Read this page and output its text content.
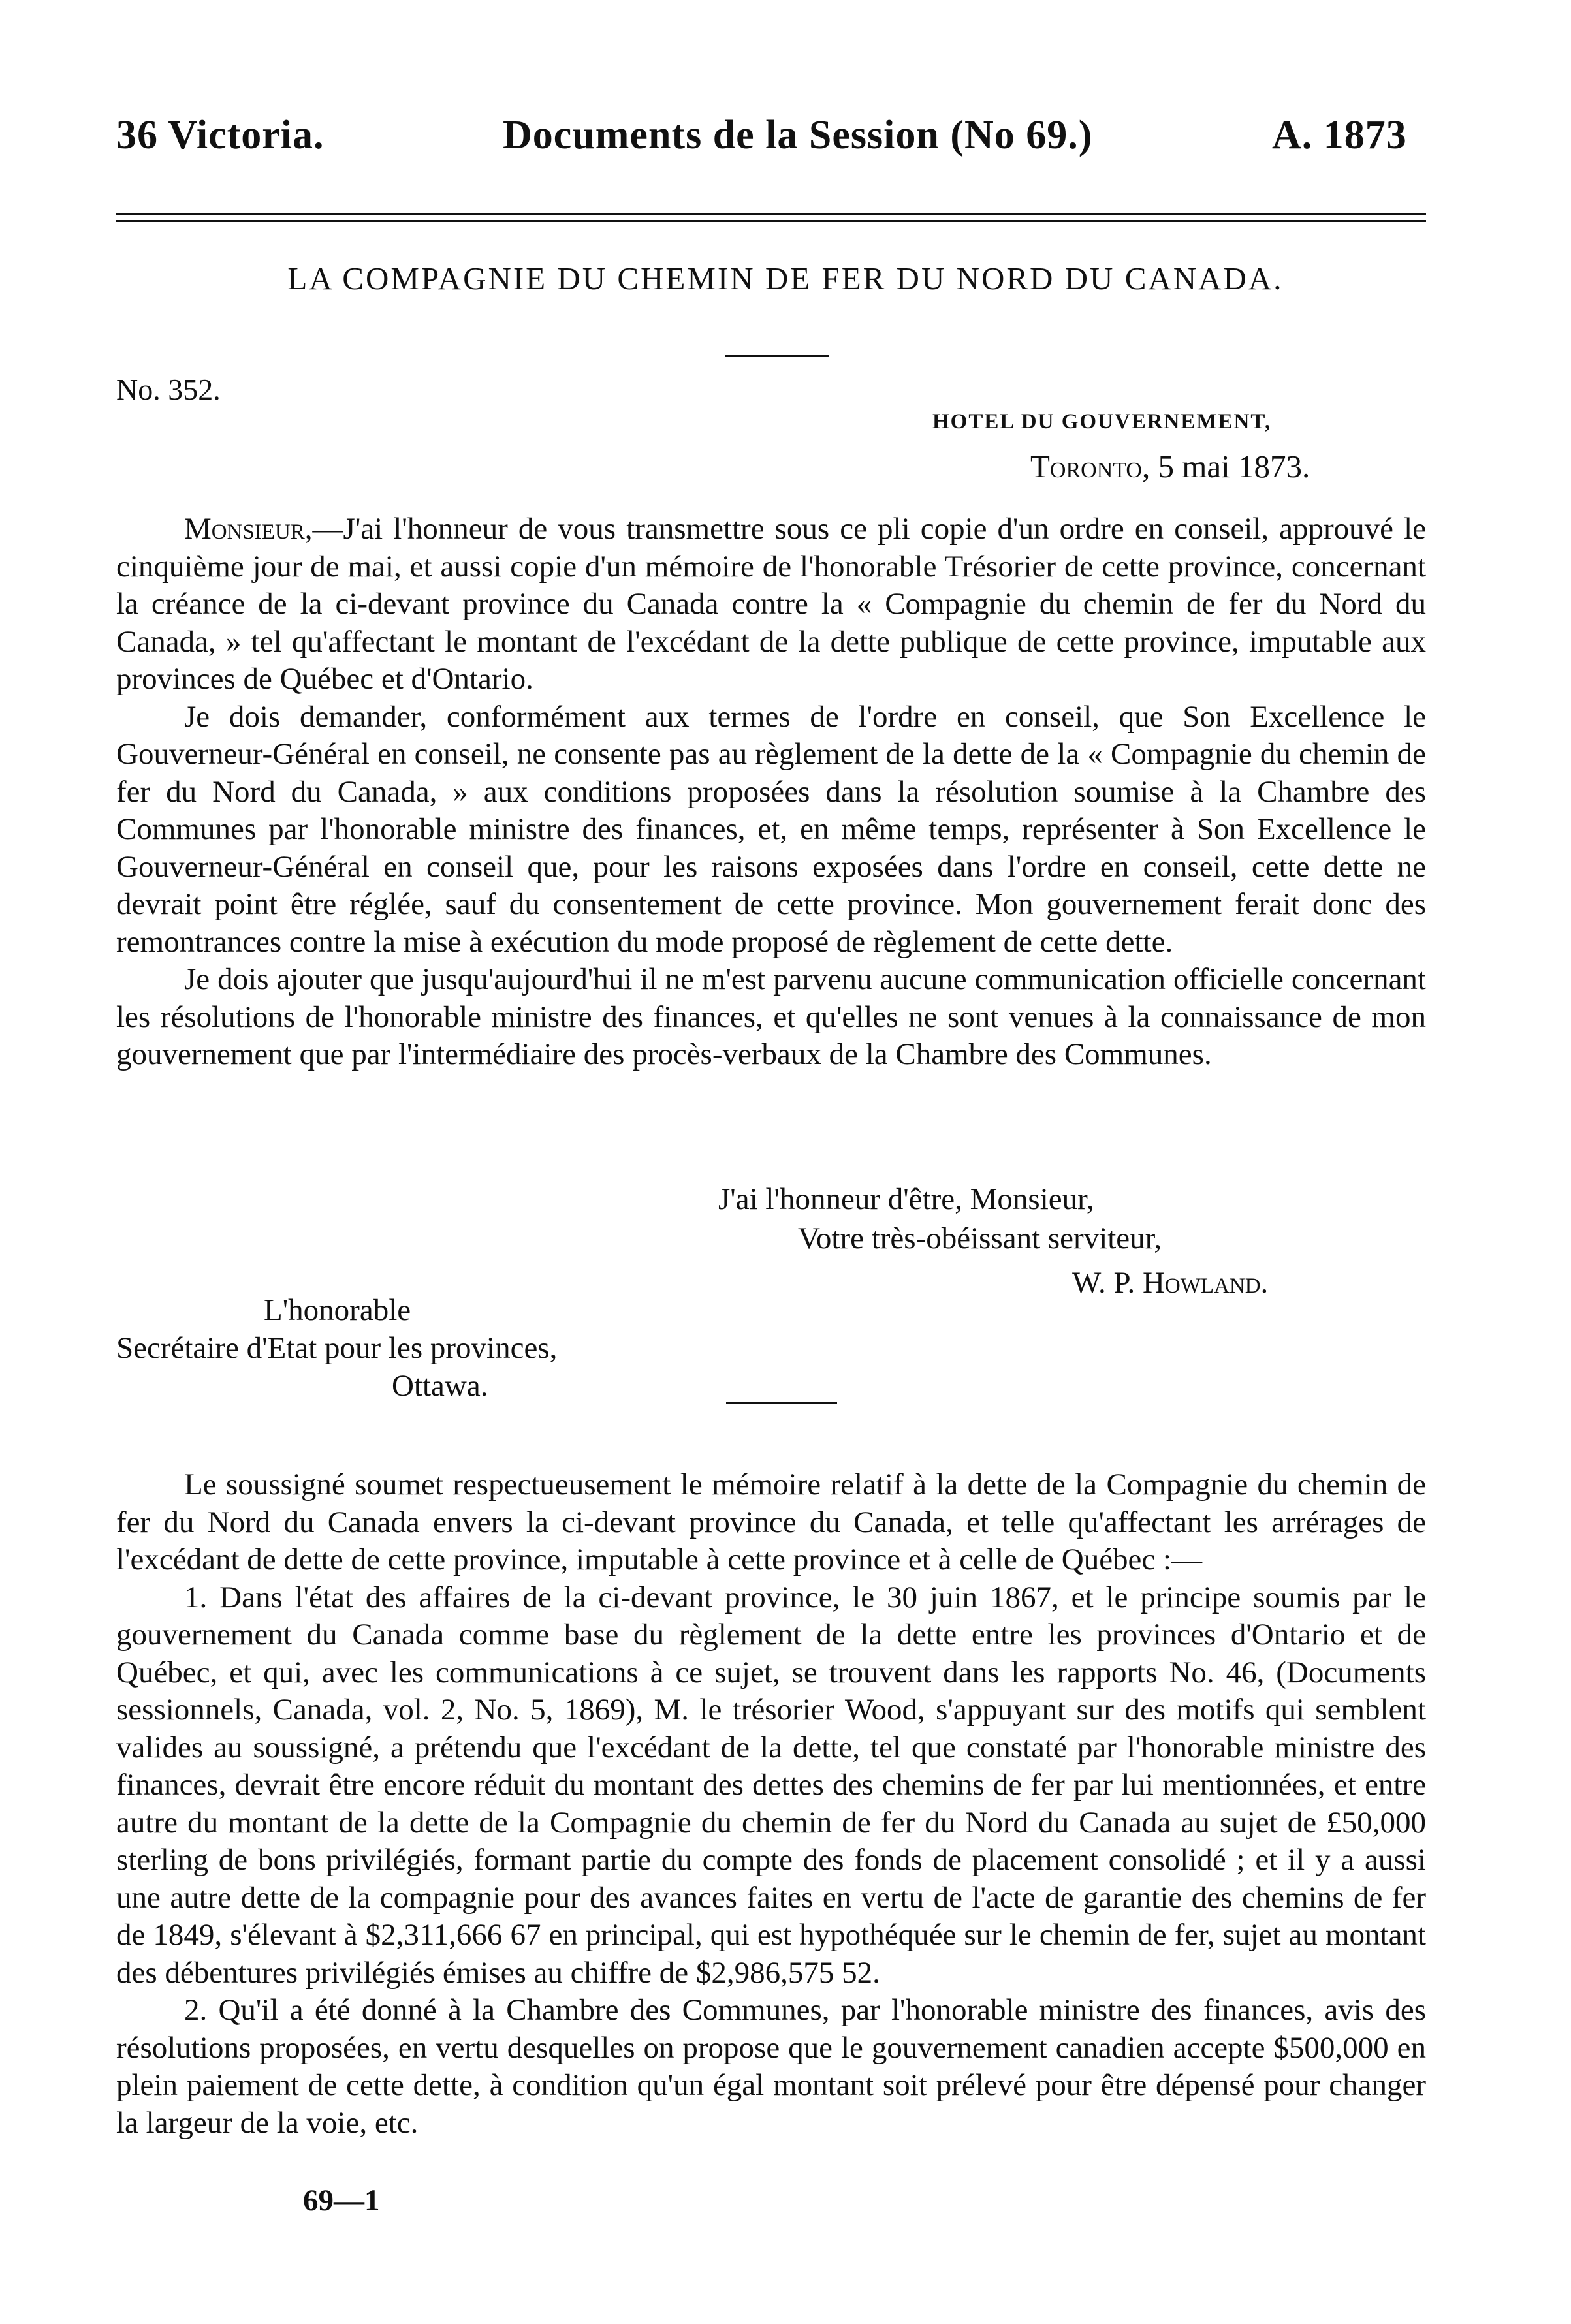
36 Victoria.	Documents de la Session (No 69.)	A. 1873
LA COMPAGNIE DU CHEMIN DE FER DU NORD DU CANADA.
No. 352.
HOTEL DU GOUVERNEMENT,
Toronto, 5 mai 1873.

Monsieur,—J'ai l'honneur de vous transmettre sous ce pli copie d'un ordre en conseil, approuvé le cinquième jour de mai, et aussi copie d'un mémoire de l'honorable Trésorier de cette province, concernant la créance de la ci-devant province du Canada contre la « Compagnie du chemin de fer du Nord du Canada, » tel qu'affectant le montant de l'excédant de la dette publique de cette province, imputable aux provinces de Québec et d'Ontario.

Je dois demander, conformément aux termes de l'ordre en conseil, que Son Excellence le Gouverneur-Général en conseil, ne consente pas au règlement de la dette de la « Compagnie du chemin de fer du Nord du Canada, » aux conditions proposées dans la résolution soumise à la Chambre des Communes par l'honorable ministre des finances, et, en même temps, représenter à Son Excellence le Gouverneur-Général en conseil que, pour les raisons exposées dans l'ordre en conseil, cette dette ne devrait point être réglée, sauf du consentement de cette province. Mon gouvernement ferait donc des remontrances contre la mise à exécution du mode proposé de règlement de cette dette.

Je dois ajouter que jusqu'aujourd'hui il ne m'est parvenu aucune communication officielle concernant les résolutions de l'honorable ministre des finances, et qu'elles ne sont venues à la connaissance de mon gouvernement que par l'intermédiaire des procès-verbaux de la Chambre des Communes.

J'ai l'honneur d'être, Monsieur,
Votre très-obéissant serviteur,
W. P. Howland.
L'honorable
Secrétaire d'Etat pour les provinces,
Ottawa.

Le soussigné soumet respectueusement le mémoire relatif à la dette de la Compagnie du chemin de fer du Nord du Canada envers la ci-devant province du Canada, et telle qu'affectant les arrérages de l'excédant de dette de cette province, imputable à cette province et à celle de Québec :—

1. Dans l'état des affaires de la ci-devant province, le 30 juin 1867, et le principe soumis par le gouvernement du Canada comme base du règlement de la dette entre les provinces d'Ontario et de Québec, et qui, avec les communications à ce sujet, se trouvent dans les rapports No. 46, (Documents sessionnels, Canada, vol. 2, No. 5, 1869), M. le trésorier Wood, s'appuyant sur des motifs qui semblent valides au soussigné, a prétendu que l'excédant de la dette, tel que constaté par l'honorable ministre des finances, devrait être encore réduit du montant des dettes des chemins de fer par lui mentionnées, et entre autre du montant de la dette de la Compagnie du chemin de fer du Nord du Canada au sujet de £50,000 sterling de bons privilégiés, formant partie du compte des fonds de placement consolidé ; et il y a aussi une autre dette de la compagnie pour des avances faites en vertu de l'acte de garantie des chemins de fer de 1849, s'élevant à $2,311,666 67 en principal, qui est hypothéquée sur le chemin de fer, sujet au montant des débentures privilégiés émises au chiffre de $2,986,575 52.

2. Qu'il a été donné à la Chambre des Communes, par l'honorable ministre des finances, avis des résolutions proposées, en vertu desquelles on propose que le gouvernement canadien accepte $500,000 en plein paiement de cette dette, à condition qu'un égal montant soit prélevé pour être dépensé pour changer la largeur de la voie, etc.

69—1
